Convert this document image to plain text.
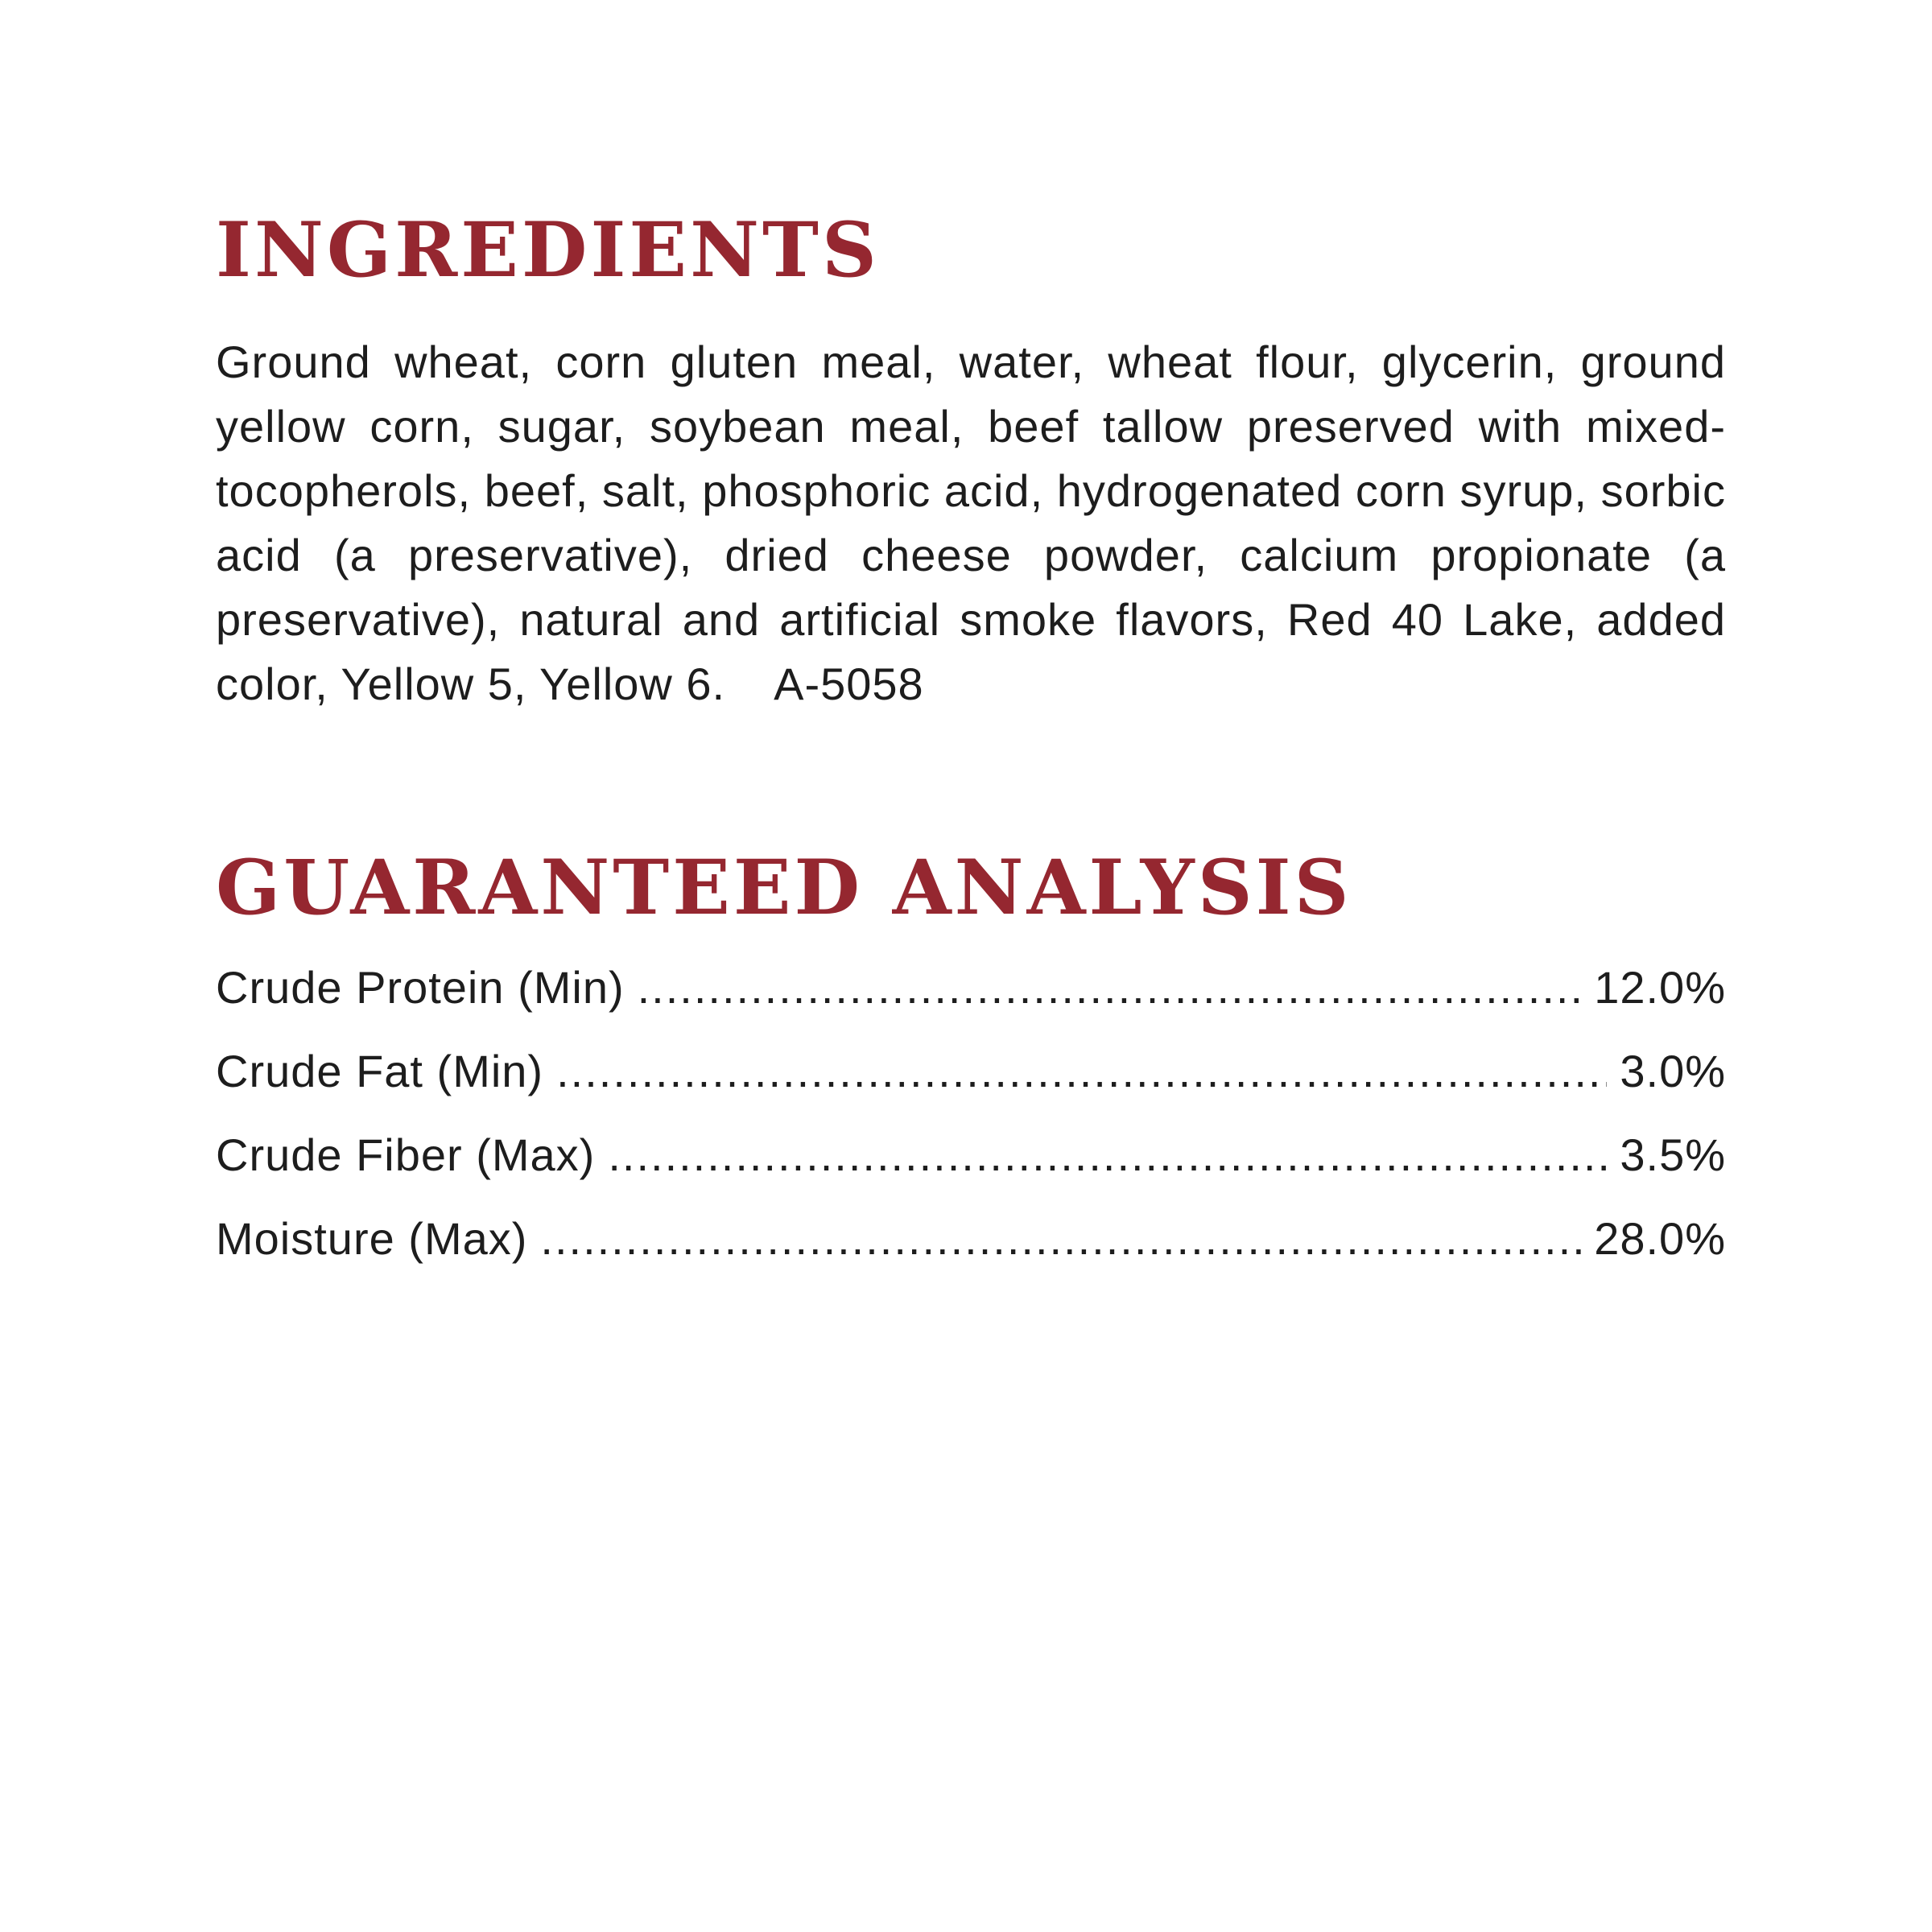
INGREDIENTS

Ground wheat, corn gluten meal, water, wheat flour, glycerin, ground yellow corn, sugar, soybean meal, beef tallow preserved with mixed-tocopherols, beef, salt, phosphoric acid, hydrogenated corn syrup, sorbic acid (a preservative), dried cheese powder, calcium propionate (a preservative), natural and artificial smoke flavors, Red 40 Lake, added color, Yellow 5, Yellow 6. A-5058

GUARANTEED ANALYSIS
Crude Protein (Min) .....	12.0%
Crude Fat (Min) .....	3.0%
Crude Fiber (Max) .....	3.5%
Moisture (Max) .....	28.0%
